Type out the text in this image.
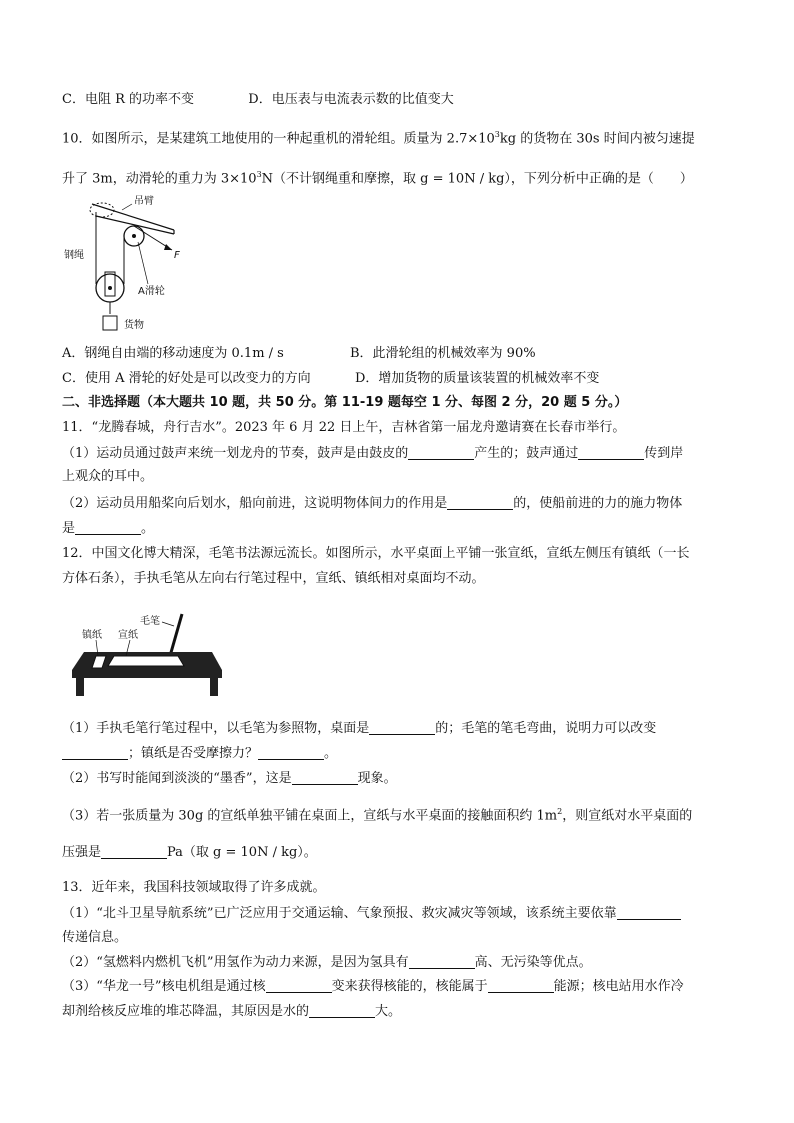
C．电阻 R 的功率不变	D．电压表与电流表示数的比值变大
10．如图所示，是某建筑工地使用的一种起重机的滑轮组。质量为 $2.7\times 10^3kg$ 的货物在 30s 时间内被匀速提
升了 3m，动滑轮的重力为 $3\times 10^3N$（不计钢绳重和摩擦，取 g = 10N / kg），下列分析中正确的是（　　）
吊臂
钢绳	F
A滑轮
货物
A．钢绳自由端的移动速度为 0.1m / s	B．此滑轮组的机械效率为 90%
C．使用 A 滑轮的好处是可以改变力的方向	D．增加货物的质量该装置的机械效率不变
二、非选择题（本大题共 10 题，共 50 分。第 11-19 题每空 1 分、每图 2 分，20 题 5 分。）
11．“龙腾春城，舟行吉水”。2023 年 6 月 22 日上午，吉林省第一届龙舟邀请赛在长春市举行。
（1）运动员通过鼓声来统一划龙舟的节奏，鼓声是由鼓皮的	产生的；鼓声通过	传到岸
上观众的耳中。
（2）运动员用船桨向后划水，船向前进，这说明物体间力的作用是	的，使船前进的力的施力物体
是	。
12．中国文化博大精深，毛笔书法源远流长。如图所示，水平桌面上平铺一张宣纸，宣纸左侧压有镇纸（一长
方体石条），手执毛笔从左向右行笔过程中，宣纸、镇纸相对桌面均不动。
毛笔
镇纸 宣纸
（1）手执毛笔行笔过程中，以毛笔为参照物，桌面是	的；毛笔的笔毛弯曲，说明力可以改变
；镇纸是否受摩擦力？	。
（2）书写时能闻到淡淡的“墨香”，这是	现象。
（3）若一张质量为 30g 的宣纸单独平铺在桌面上，宣纸与水平桌面的接触面积约 $1m^2$，则宣纸对水平桌面的
压强是	Pa（取 g = 10N / kg）。
13．近年来，我国科技领域取得了许多成就。
（1）“北斗卫星导航系统”已广泛应用于交通运输、气象预报、救灾减灾等领域，该系统主要依靠
传递信息。
（2）“氢燃料内燃机飞机”用氢作为动力来源，是因为氢具有	高、无污染等优点。
（3）“华龙一号”核电机组是通过核	变来获得核能的，核能属于	能源；核电站用水作冷
却剂给核反应堆的堆芯降温，其原因是水的	大。
